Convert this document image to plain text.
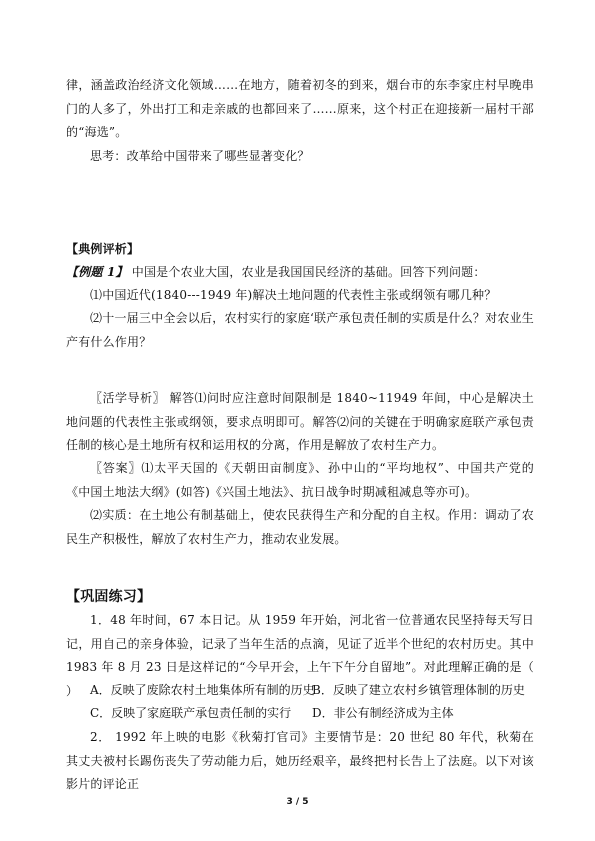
律，涵盖政治经济文化领域……在地方，随着初冬的到来，烟台市的东李家庄村早晚串门的人多了，外出打工和走亲戚的也都回来了……原来，这个村正在迎接新一届村干部的“海选”。

思考：改革给中国带来了哪些显著变化？

【典例评析】

【例题 1】 中国是个农业大国，农业是我国国民经济的基础。回答下列问题：

⑴中国近代(1840---1949 年)解决土地问题的代表性主张或纲领有哪几种？

⑵十一届三中全会以后，农村实行的家庭‘联产承包责任制的实质是什么？对农业生产有什么作用？

〖活学导析〗 解答⑴问时应注意时间限制是 1840~11949 年间，中心是解决土地问题的代表性主张或纲领，要求点明即可。解答⑵问的关键在于明确家庭联产承包责任制的核心是土地所有权和运用权的分离，作用是解放了农村生产力。

〖答案〗⑴太平天国的《天朝田亩制度》、孙中山的“平均地权”、中国共产党的《中国土地法大纲》(如答)《兴国土地法》、抗日战争时期减租减息等亦可)。

⑵实质：在土地公有制基础上，使农民获得生产和分配的自主权。作用：调动了农民生产积极性，解放了农村生产力，推动农业发展。

【巩固练习】

1．48 年时间，67 本日记。从 1959 年开始，河北省一位普通农民坚持每天写日记，用自己的亲身体验，记录了当年生活的点滴，见证了近半个世纪的农村历史。其中 1983 年 8 月 23 日是这样记的“今早开会，上午下午分自留地”。对此理解正确的是（ ） A．反映了废除农村土地集体所有制的历史
B．反映了建立农村乡镇管理体制的历史
C．反映了家庭联产承包责任制的实行 D．非公有制经济成为主体

2． 1992 年上映的电影《秋菊打官司》主要情节是：20 世纪 80 年代，秋菊在其丈夫被村长踢伤丧失了劳动能力后，她历经艰辛，最终把村长告上了法庭。以下对该影片的评论正

3 / 5
